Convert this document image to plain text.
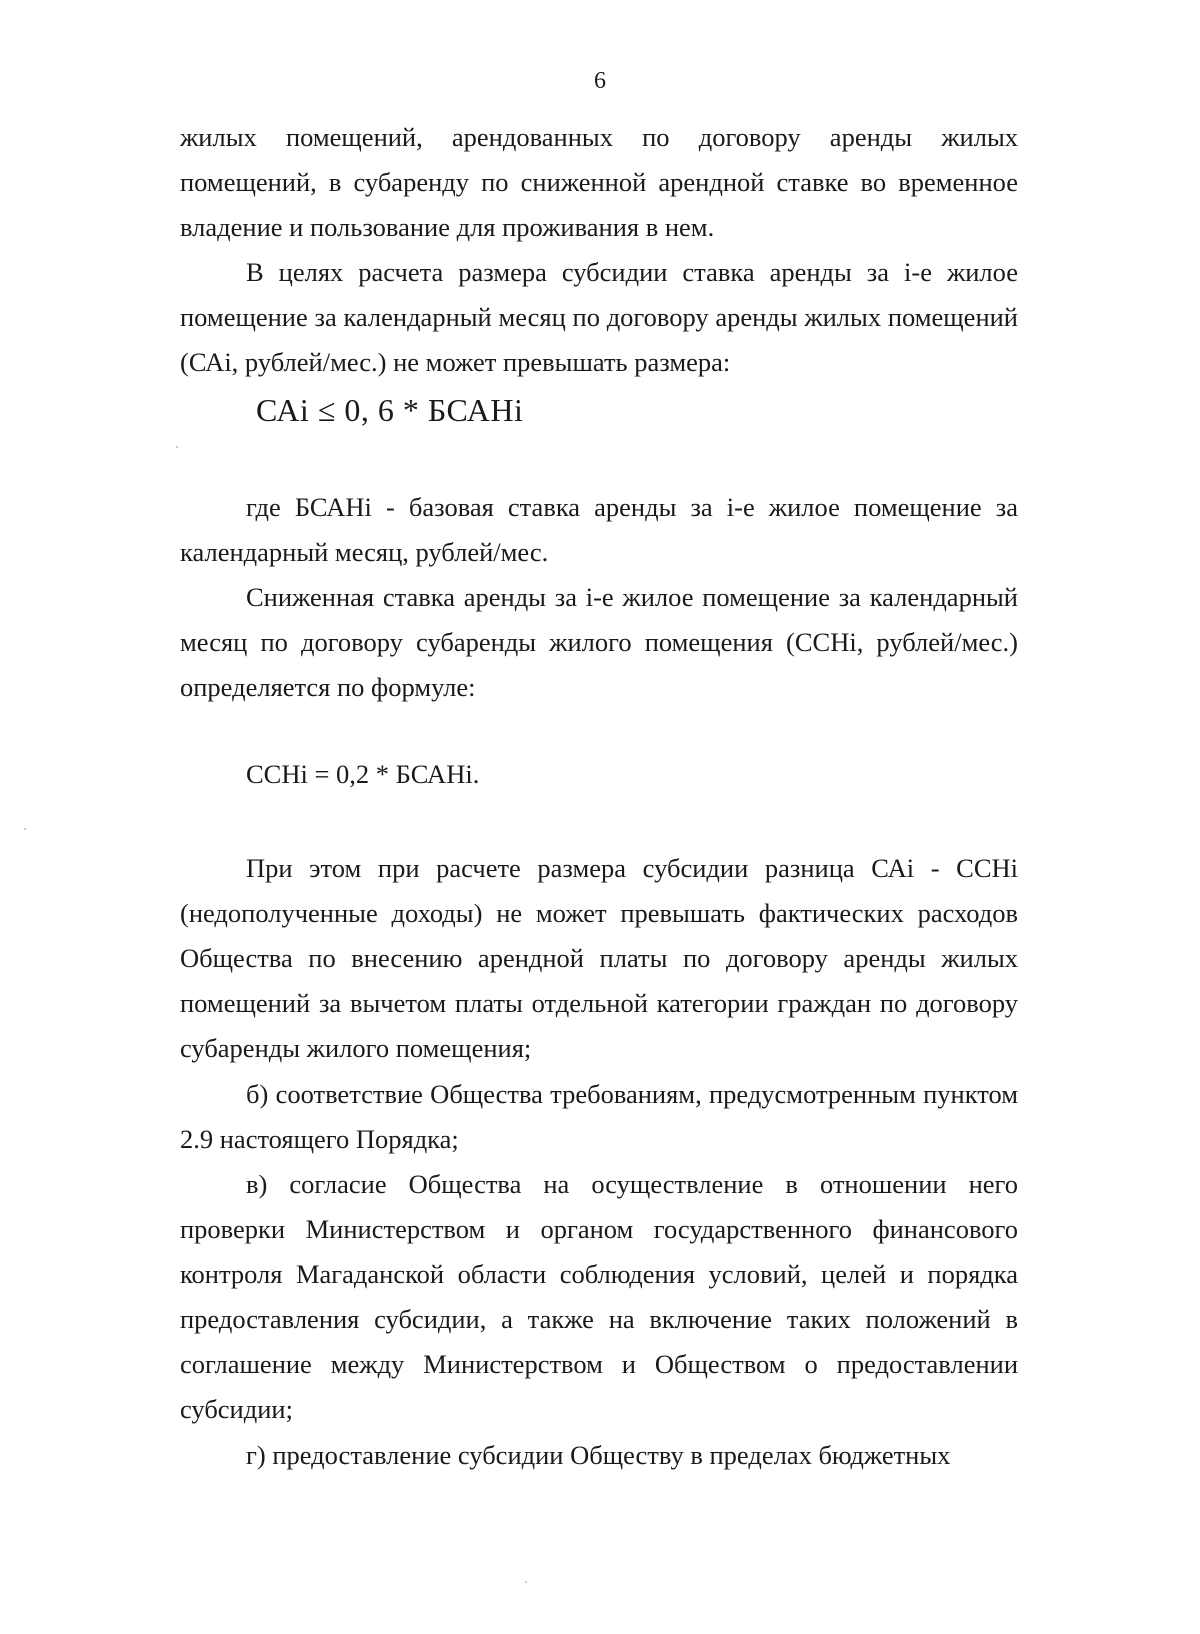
6

жилых помещений, арендованных по договору аренды жилых помещений, в субаренду по сниженной арендной ставке во временное владение и пользование для проживания в нем.

В целях расчета размера субсидии ставка аренды за i-е жилое помещение за календарный месяц по договору аренды жилых помещений (САi, рублей/мес.) не может превышать размера:

САi ≤ 0, 6 * БСАНi

где БСАНi - базовая ставка аренды за i-е жилое помещение за календарный месяц, рублей/мес.

Сниженная ставка аренды за i-е жилое помещение за календарный месяц по договору субаренды жилого помещения (ССНi, рублей/мес.) определяется по формуле:

ССНi = 0,2 * БСАНi.

При этом при расчете размера субсидии разница САi - ССНi (недополученные доходы) не может превышать фактических расходов Общества по внесению арендной платы по договору аренды жилых помещений за вычетом платы отдельной категории граждан по договору субаренды жилого помещения;

б) соответствие Общества требованиям, предусмотренным пунктом 2.9 настоящего Порядка;

в) согласие Общества на осуществление в отношении него проверки Министерством и органом государственного финансового контроля Магаданской области соблюдения условий, целей и порядка предоставления субсидии, а также на включение таких положений в соглашение между Министерством и Обществом о предоставлении субсидии;

г) предоставление субсидии Обществу в пределах бюджетных
